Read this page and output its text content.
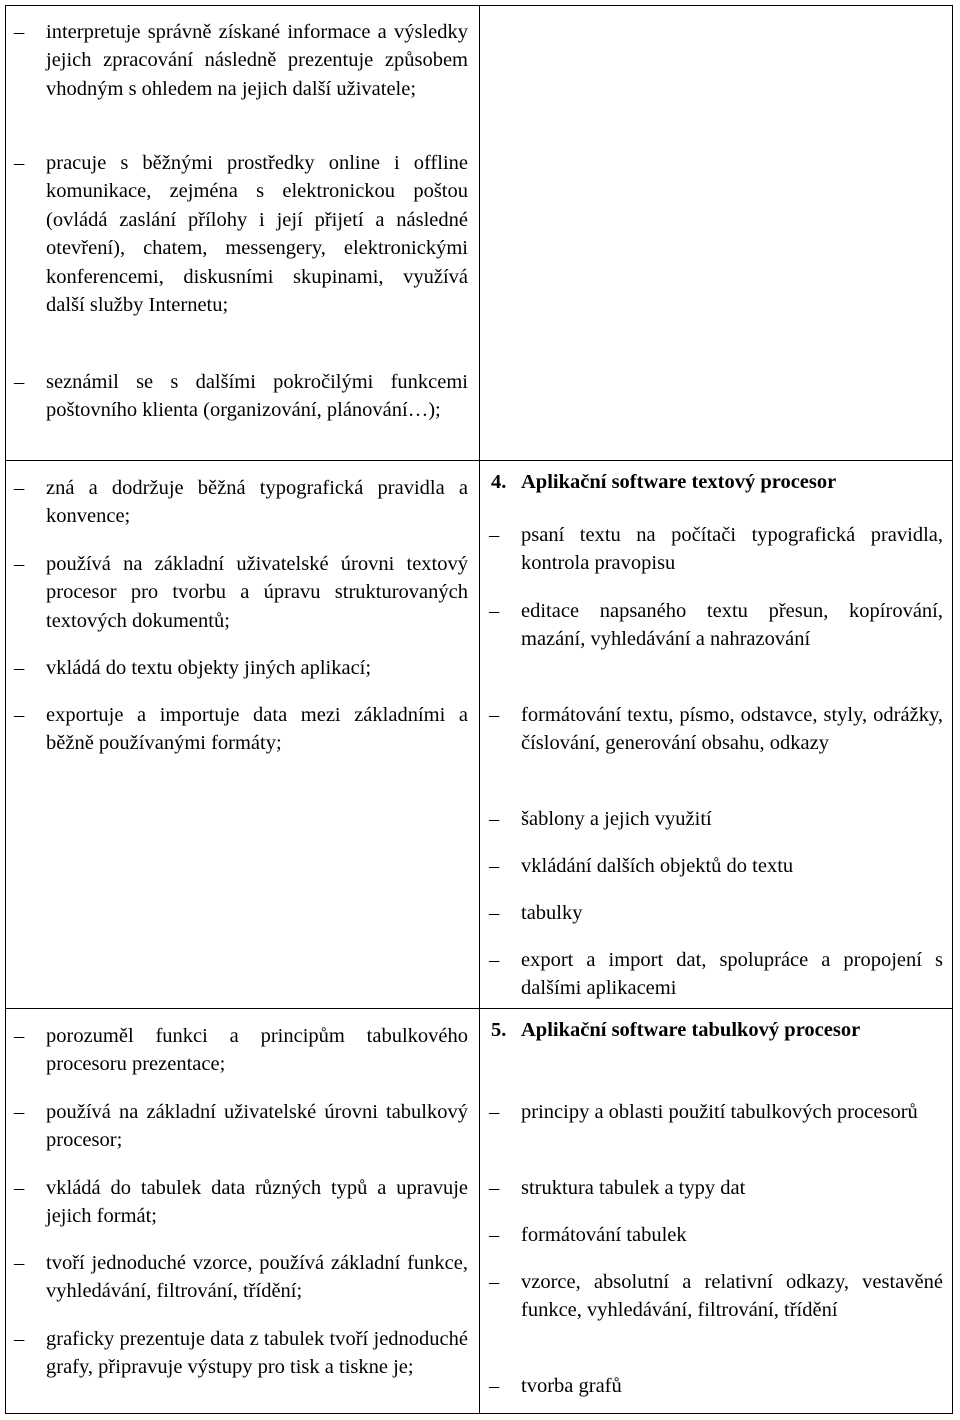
– interpretuje správně získané informace a výsledky jejich zpracování následně prezentuje způsobem vhodným s ohledem na jejich další uživatele;
– pracuje s běžnými prostředky online i offline komunikace, zejména s elektronickou poštou (ovládá zaslání přílohy i její přijetí a následné otevření), chatem, messengery, elektronickými konferencemi, diskusními skupinami, využívá další služby Internetu;
– seznámil se s dalšími pokročilými funkcemi poštovního klienta (organizování, plánování…);
– zná a dodržuje běžná typografická pravidla a konvence;
– používá na základní uživatelské úrovni textový procesor pro tvorbu a úpravu strukturovaných textových dokumentů;
– vkládá do textu objekty jiných aplikací;
– exportuje a importuje data mezi základními a běžně používanými formáty;
– porozuměl funkci a principům tabulkového procesoru prezentace;
– používá na základní uživatelské úrovni tabulkový procesor;
– vkládá do tabulek data různých typů a upravuje jejich formát;
– tvoří jednoduché vzorce, používá základní funkce, vyhledávání, filtrování, třídění;
– graficky prezentuje data z tabulek tvoří jednoduché grafy, připravuje výstupy pro tisk a tiskne je;
4. Aplikační software textový procesor
– psaní textu na počítači typografická pravidla, kontrola pravopisu
– editace napsaného textu přesun, kopírování, mazání, vyhledávání a nahrazování
– formátování textu, písmo, odstavce, styly, odrážky, číslování, generování obsahu, odkazy
– šablony a jejich využití
– vkládání dalších objektů do textu
– tabulky
– export a import dat, spolupráce a propojení s dalšími aplikacemi
5. Aplikační software tabulkový procesor
– principy a oblasti použití tabulkových procesorů
– struktura tabulek a typy dat
– formátování tabulek
– vzorce, absolutní a relativní odkazy, vestavěné funkce, vyhledávání, filtrování, třídění
– tvorba grafů
